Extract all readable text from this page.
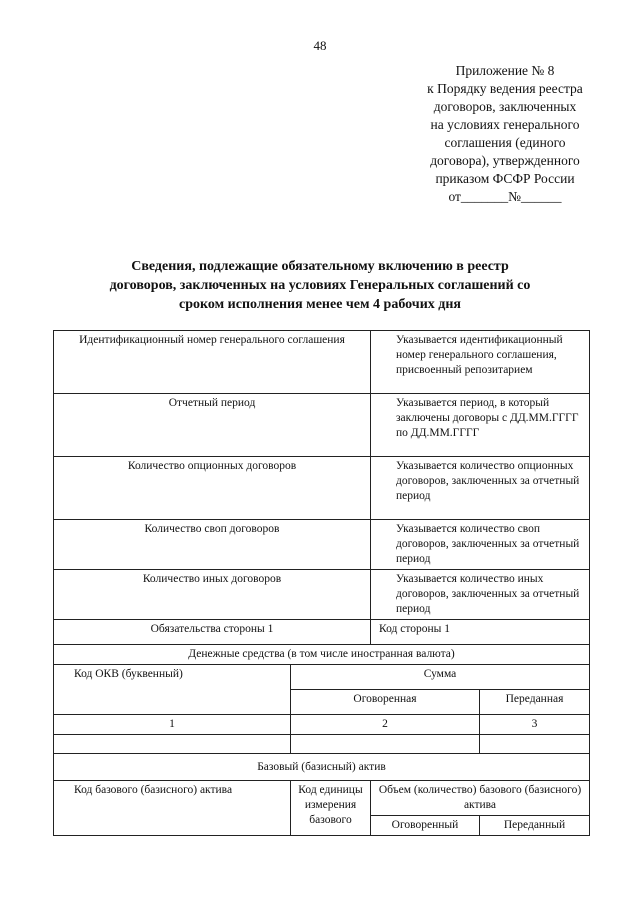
48
Приложение № 8
к Порядку ведения реестра
договоров, заключенных
на условиях генерального
соглашения (единого
договора), утвержденного
приказом ФСФР России
от_______№______
Сведения, подлежащие обязательному включению в реестр
договоров, заключенных на условиях Генеральных соглашений со
сроком исполнения менее чем 4 рабочих дня
Идентификационный номер генерального соглашения		Указывается идентификационный номер генерального соглашения, присвоенный репозитарием	
Отчетный период		Указывается период, в который заключены договоры с ДД.ММ.ГГГГ по ДД.ММ.ГГГГ	
Количество опционных договоров		Указывается количество опционных договоров, заключенных за отчетный период	
Количество своп договоров		Указывается количество своп договоров, заключенных за отчетный период	
Количество иных договоров		Указывается количество иных договоров, заключенных за отчетный период	
Обязательства стороны 1		Код стороны 1	
Денежные средства (в том числе иностранная валюта)			
Код ОКВ (буквенный)	Сумма		
	Оговоренная		Переданная
1	2		3

Базовый (базисный) актив			
Код базового (базисного) актива	Код единицы измерения базового	Объем (количество) базового (базисного) актива	
		Оговоренный	Переданный
